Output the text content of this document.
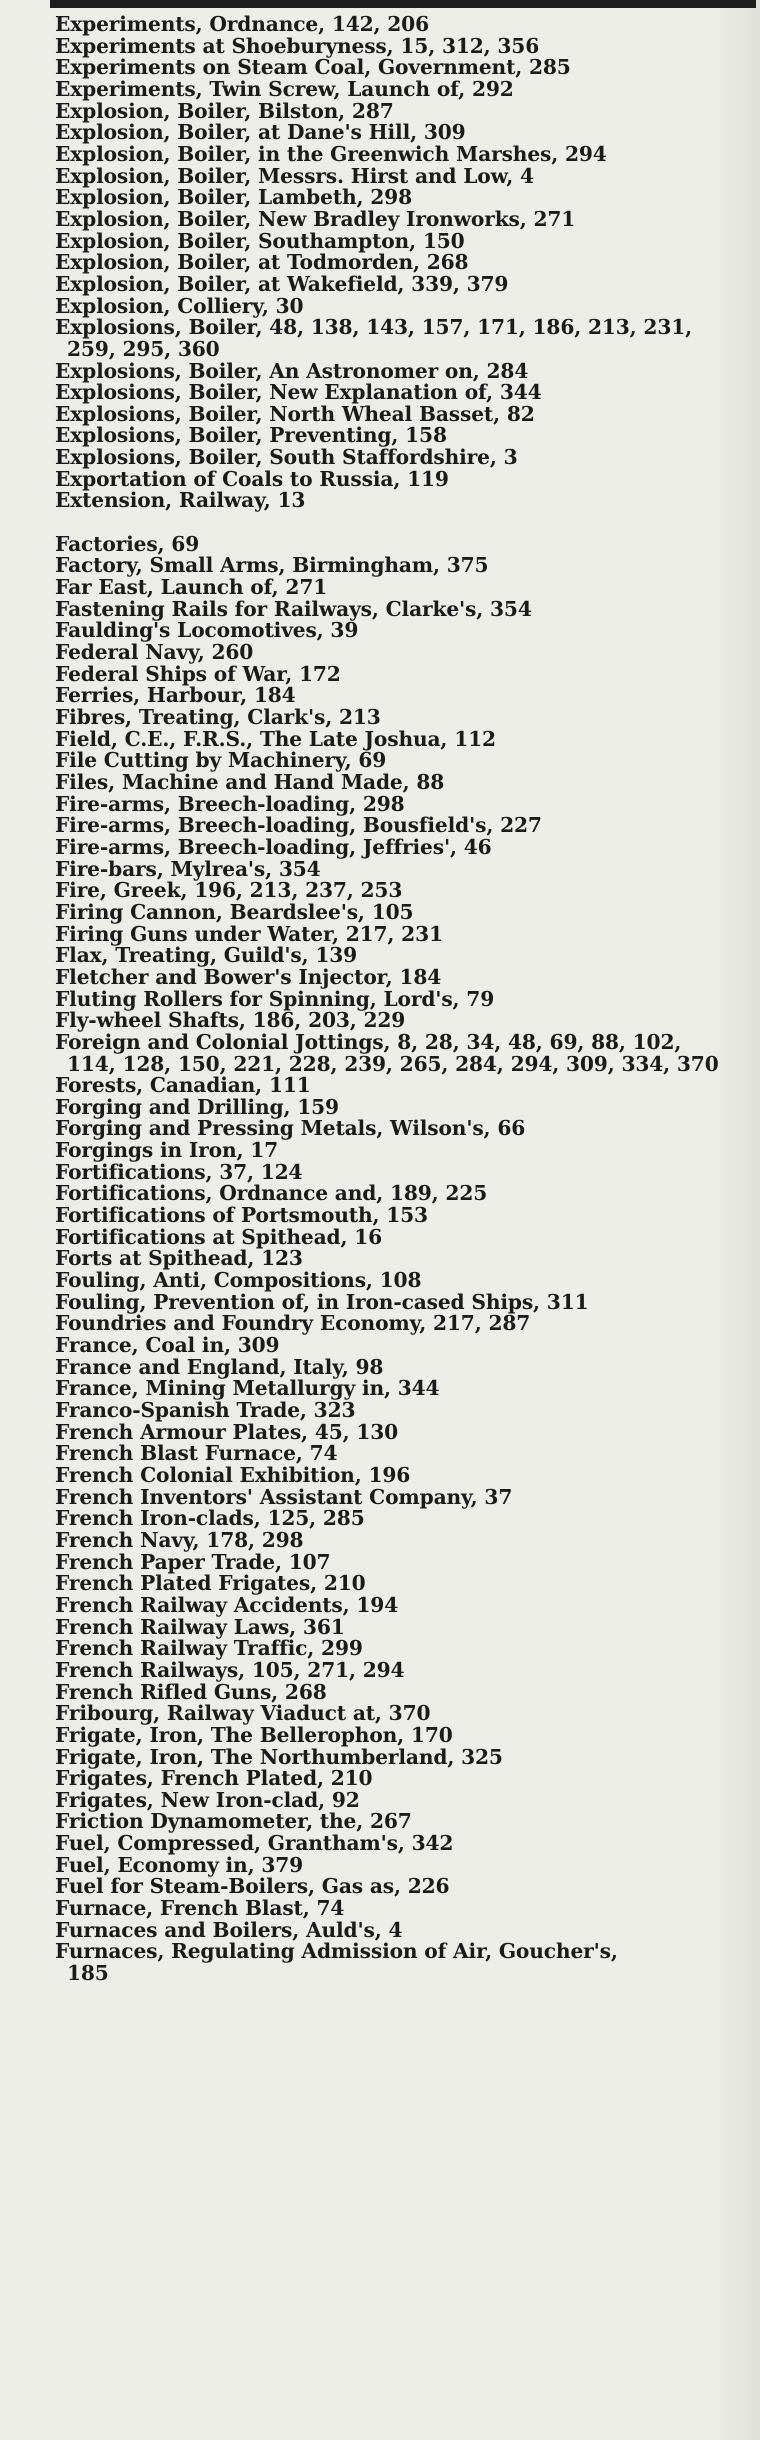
Experiments, Ordnance, 142, 206
Experiments at Shoeburyness, 15, 312, 356
Experiments on Steam Coal, Government, 285
Experiments, Twin Screw, Launch of, 292
Explosion, Boiler, Bilston, 287
Explosion, Boiler, at Dane's Hill, 309
Explosion, Boiler, in the Greenwich Marshes, 294
Explosion, Boiler, Messrs. Hirst and Low, 4
Explosion, Boiler, Lambeth, 298
Explosion, Boiler, New Bradley Ironworks, 271
Explosion, Boiler, Southampton, 150
Explosion, Boiler, at Todmorden, 268
Explosion, Boiler, at Wakefield, 339, 379
Explosion, Colliery, 30
Explosions, Boiler, 48, 138, 143, 157, 171, 186, 213, 231,
259, 295, 360
Explosions, Boiler, An Astronomer on, 284
Explosions, Boiler, New Explanation of, 344
Explosions, Boiler, North Wheal Basset, 82
Explosions, Boiler, Preventing, 158
Explosions, Boiler, South Staffordshire, 3
Exportation of Coals to Russia, 119
Extension, Railway, 13
Factories, 69
Factory, Small Arms, Birmingham, 375
Far East, Launch of, 271
Fastening Rails for Railways, Clarke's, 354
Faulding's Locomotives, 39
Federal Navy, 260
Federal Ships of War, 172
Ferries, Harbour, 184
Fibres, Treating, Clark's, 213
Field, C.E., F.R.S., The Late Joshua, 112
File Cutting by Machinery, 69
Files, Machine and Hand Made, 88
Fire-arms, Breech-loading, 298
Fire-arms, Breech-loading, Bousfield's, 227
Fire-arms, Breech-loading, Jeffries', 46
Fire-bars, Mylrea's, 354
Fire, Greek, 196, 213, 237, 253
Firing Cannon, Beardslee's, 105
Firing Guns under Water, 217, 231
Flax, Treating, Guild's, 139
Fletcher and Bower's Injector, 184
Fluting Rollers for Spinning, Lord's, 79
Fly-wheel Shafts, 186, 203, 229
Foreign and Colonial Jottings, 8, 28, 34, 48, 69, 88, 102,
114, 128, 150, 221, 228, 239, 265, 284, 294, 309, 334, 370
Forests, Canadian, 111
Forging and Drilling, 159
Forging and Pressing Metals, Wilson's, 66
Forgings in Iron, 17
Fortifications, 37, 124
Fortifications, Ordnance and, 189, 225
Fortifications of Portsmouth, 153
Fortifications at Spithead, 16
Forts at Spithead, 123
Fouling, Anti, Compositions, 108
Fouling, Prevention of, in Iron-cased Ships, 311
Foundries and Foundry Economy, 217, 287
France, Coal in, 309
France and England, Italy, 98
France, Mining Metallurgy in, 344
Franco-Spanish Trade, 323
French Armour Plates, 45, 130
French Blast Furnace, 74
French Colonial Exhibition, 196
French Inventors' Assistant Company, 37
French Iron-clads, 125, 285
French Navy, 178, 298
French Paper Trade, 107
French Plated Frigates, 210
French Railway Accidents, 194
French Railway Laws, 361
French Railway Traffic, 299
French Railways, 105, 271, 294
French Rifled Guns, 268
Fribourg, Railway Viaduct at, 370
Frigate, Iron, The Bellerophon, 170
Frigate, Iron, The Northumberland, 325
Frigates, French Plated, 210
Frigates, New Iron-clad, 92
Friction Dynamometer, the, 267
Fuel, Compressed, Grantham's, 342
Fuel, Economy in, 379
Fuel for Steam-Boilers, Gas as, 226
Furnace, French Blast, 74
Furnaces and Boilers, Auld's, 4
Furnaces, Regulating Admission of Air, Goucher's,
185
